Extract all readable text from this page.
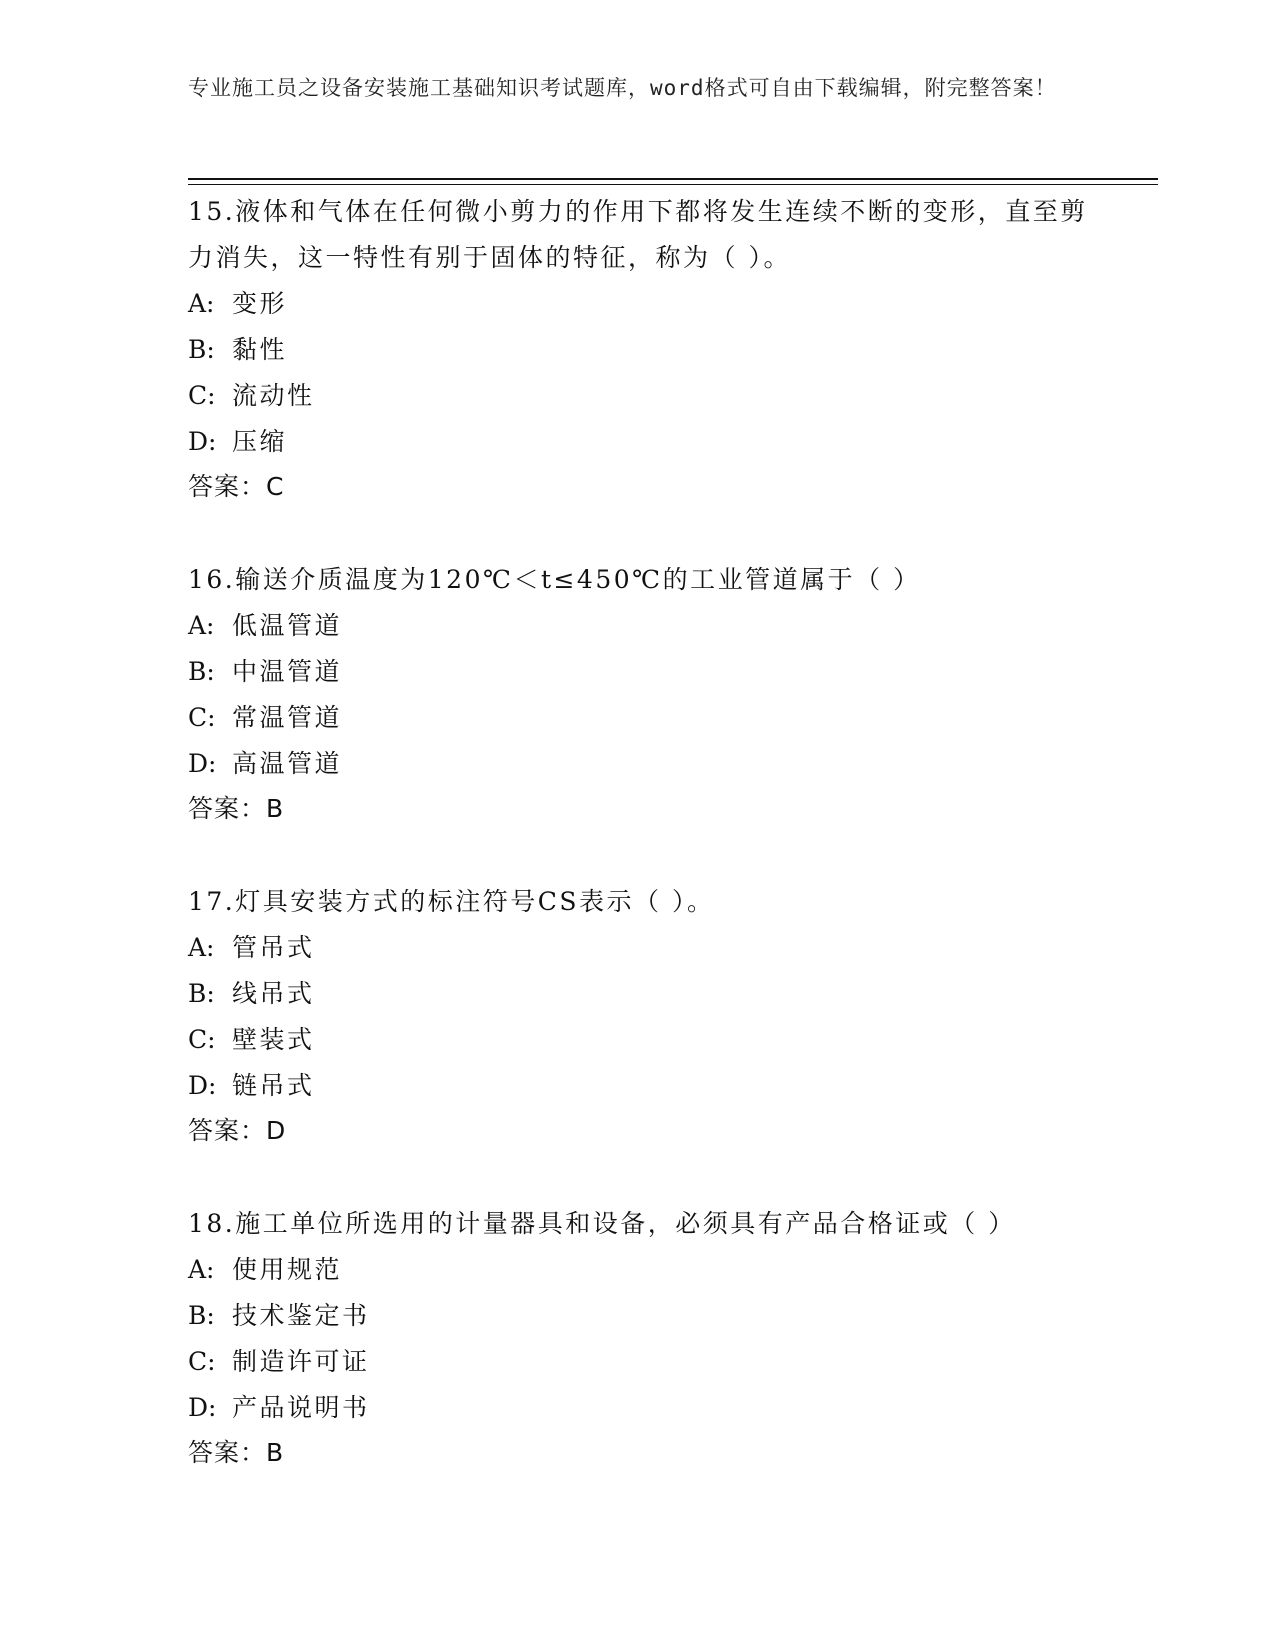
专业施工员之设备安装施工基础知识考试题库，word格式可自由下载编辑，附完整答案！

15.液体和气体在任何微小剪力的作用下都将发生连续不断的变形，直至剪力消失，这一特性有别于固体的特征，称为（ ）。

A: 变形

B: 黏性

C: 流动性

D: 压缩

答案：C

16.输送介质温度为120℃＜t≤450℃的工业管道属于（ ）

A: 低温管道

B: 中温管道

C: 常温管道

D: 高温管道

答案：B

17.灯具安装方式的标注符号CS表示（ ）。

A: 管吊式

B: 线吊式

C: 壁装式

D: 链吊式

答案：D

18.施工单位所选用的计量器具和设备，必须具有产品合格证或（ ）

A: 使用规范

B: 技术鉴定书

C: 制造许可证

D: 产品说明书

答案：B
